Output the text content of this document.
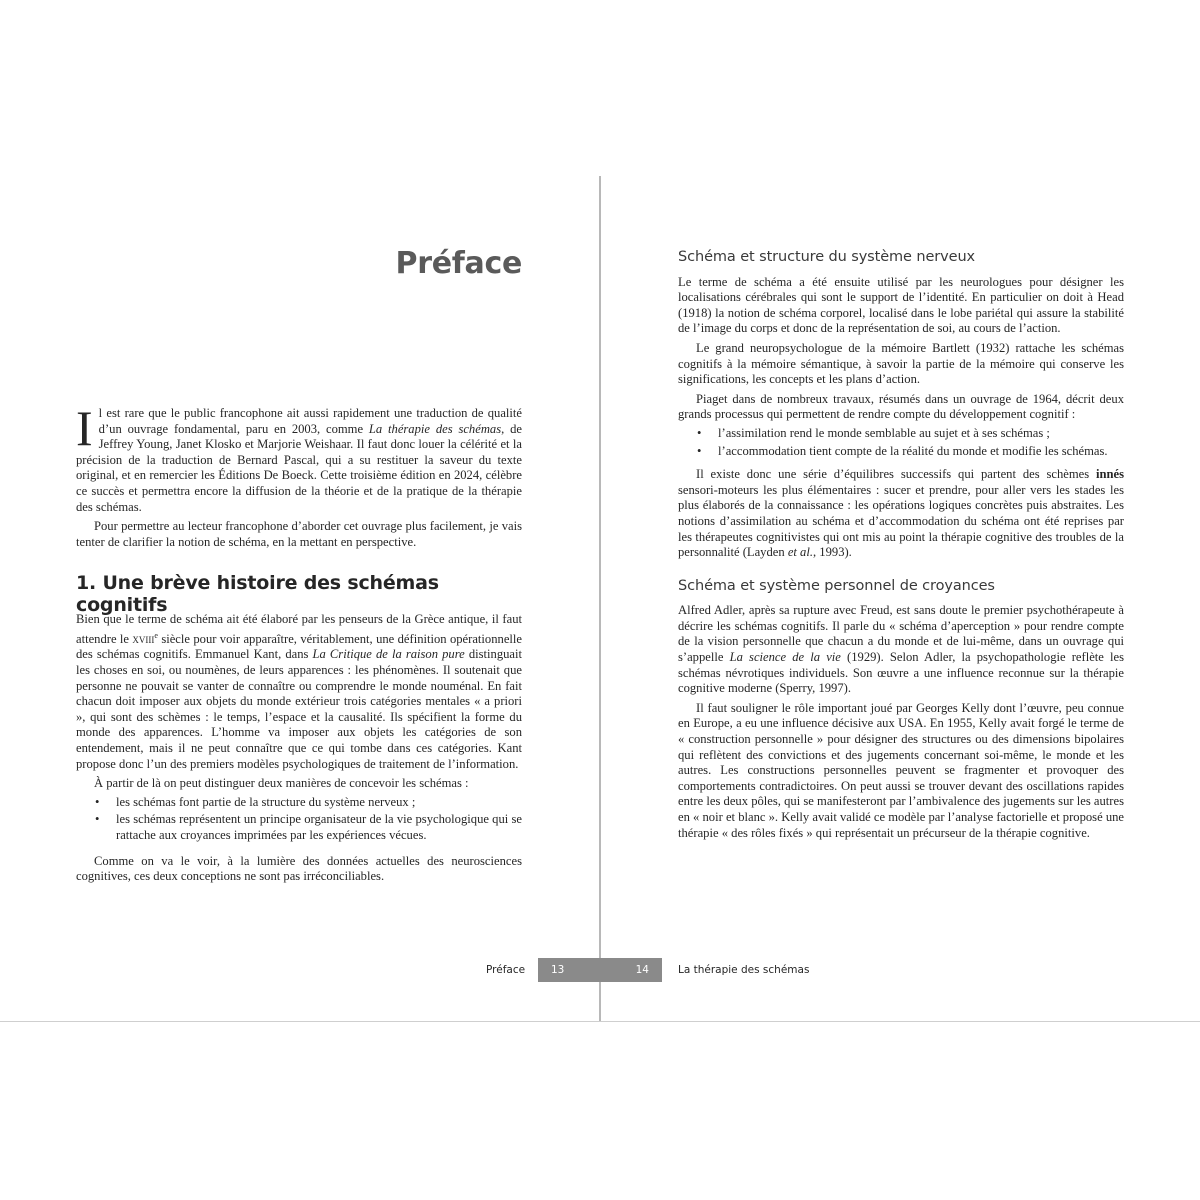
Préface

Il est rare que le public francophone ait aussi rapidement une traduction de qualité d’un ouvrage fondamental, paru en 2003, comme La thérapie des schémas, de Jeffrey Young, Janet Klosko et Marjorie Weishaar. Il faut donc louer la célérité et la précision de la traduction de Bernard Pascal, qui a su restituer la saveur du texte original, et en remercier les Éditions De Boeck. Cette troisième édition en 2024, célèbre ce succès et permettra encore la diffusion de la théorie et de la pratique de la thérapie des schémas.

Pour permettre au lecteur francophone d’aborder cet ouvrage plus facilement, je vais tenter de clarifier la notion de schéma, en la mettant en perspective.

1. Une brève histoire des schémas cognitifs

Bien que le terme de schéma ait été élaboré par les penseurs de la Grèce antique, il faut attendre le xviii$^e$ siècle pour voir apparaître, véritablement, une définition opérationnelle des schémas cognitifs. Emmanuel Kant, dans La Critique de la raison pure distinguait les choses en soi, ou noumènes, de leurs apparences : les phénomènes. Il soutenait que personne ne pouvait se vanter de connaître ou comprendre le monde nouménal. En fait chacun doit imposer aux objets du monde extérieur trois catégories mentales « a priori », qui sont des schèmes : le temps, l’espace et la causalité. Ils spécifient la forme du monde des apparences. L’homme va imposer aux objets les catégories de son entendement, mais il ne peut connaître que ce qui tombe dans ces catégories. Kant propose donc l’un des premiers modèles psychologiques de traitement de l’information.

À partir de là on peut distinguer deux manières de concevoir les schémas :

• les schémas font partie de la structure du système nerveux ;
• les schémas représentent un principe organisateur de la vie psychologique qui se rattache aux croyances imprimées par les expériences vécues.

Comme on va le voir, à la lumière des données actuelles des neurosciences cognitives, ces deux conceptions ne sont pas irréconciliables.

Préface	13
Schéma et structure du système nerveux

Le terme de schéma a été ensuite utilisé par les neurologues pour désigner les localisations cérébrales qui sont le support de l’identité. En particulier on doit à Head (1918) la notion de schéma corporel, localisé dans le lobe pariétal qui assure la stabilité de l’image du corps et donc de la représentation de soi, au cours de l’action.

Le grand neuropsychologue de la mémoire Bartlett (1932) rattache les schémas cognitifs à la mémoire sémantique, à savoir la partie de la mémoire qui conserve les significations, les concepts et les plans d’action.

Piaget dans de nombreux travaux, résumés dans un ouvrage de 1964, décrit deux grands processus qui permettent de rendre compte du développement cognitif :

• l’assimilation rend le monde semblable au sujet et à ses schémas ;
• l’accommodation tient compte de la réalité du monde et modifie les schémas.

Il existe donc une série d’équilibres successifs qui partent des schèmes innés sensori-moteurs les plus élémentaires : sucer et prendre, pour aller vers les stades les plus élaborés de la connaissance : les opérations logiques concrètes puis abstraites. Les notions d’assimilation au schéma et d’accommodation du schéma ont été reprises par les thérapeutes cognitivistes qui ont mis au point la thérapie cognitive des troubles de la personnalité (Layden et al., 1993).

Schéma et système personnel de croyances

Alfred Adler, après sa rupture avec Freud, est sans doute le premier psychothérapeute à décrire les schémas cognitifs. Il parle du « schéma d’aperception » pour rendre compte de la vision personnelle que chacun a du monde et de lui-même, dans un ouvrage qui s’appelle La science de la vie (1929). Selon Adler, la psychopathologie reflète les schémas névrotiques individuels. Son œuvre a une influence reconnue sur la thérapie cognitive moderne (Sperry, 1997).

Il faut souligner le rôle important joué par Georges Kelly dont l’œuvre, peu connue en Europe, a eu une influence décisive aux USA. En 1955, Kelly avait forgé le terme de « construction personnelle » pour désigner des structures ou des dimensions bipolaires qui reflètent des convictions et des jugements concernant soi-même, le monde et les autres. Les constructions personnelles peuvent se fragmenter et provoquer des comportements contradictoires. On peut aussi se trouver devant des oscillations rapides entre les deux pôles, qui se manifesteront par l’ambivalence des jugements sur les autres en « noir et blanc ». Kelly avait validé ce modèle par l’analyse factorielle et proposé une thérapie « des rôles fixés » qui représentait un précurseur de la thérapie cognitive.

14	La thérapie des schémas
